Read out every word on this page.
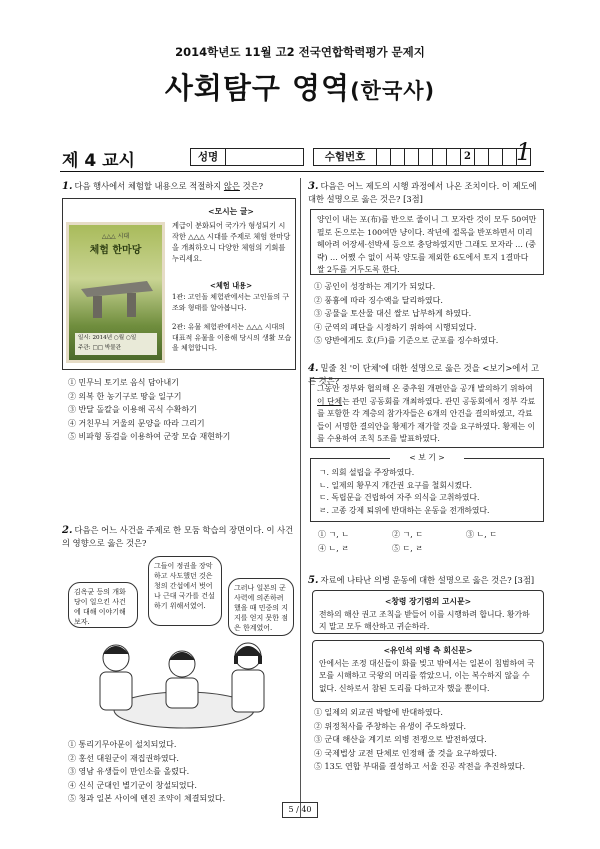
2014학년도 11월 고2 전국연합학력평가 문제지
사회탐구 영역(한국사)
제 4 교시	성명	수험번호	2 1
1. 다음 행사에서 체험할 내용으로 적절하지 않은 것은?
△△△ 시대
체험 한마당
일시: 2014년 ○월 ○일
주관: □□ 박물관
<모시는 글>
계급이 분화되어 국가가 형성되기 시작한 △△△ 시대를 주제로 체험 한마당을 개최하오니 다양한 체험의 기회를 누리세요.
<체험 내용>
1관: 고인돌 체험관에서는 고인돌의 구조와 형태를 알아봅니다.
2관: 유물 체험관에서는 △△△ 시대의 대표적 유물을 이용해 당시의 생활 모습을 체험합니다.
① 민무늬 토기로 음식 담아내기
② 의복 한 농기구로 땅을 일구기
③ 반달 돌칼을 이용해 곡식 수확하기
④ 거친무늬 거울의 문양을 따라 그리기
⑤ 비파형 동검을 이용하여 군장 모습 재현하기
2. 다음은 어느 사건을 주제로 한 모둠 학습의 장면이다. 이 사건의 영향으로 옳은 것은?
그들이 정권을 장악하고 사도했던 것은 청의 간섭에서 벗어나 근대 국가를 건설하기 위해서였어.
김옥균 등의 개화당이 일으킨 사건에 대해 이야기해 보자.
그러나 일본의 군사력에 의존하려 했을 때 민중의 지지를 얻지 못한 점은 한계였어.
① 통리기무아문이 설치되었다.
② 홍선 대원군이 재집권하였다.
③ 영남 유생들이 만인소를 올렸다.
④ 신식 군대인 별기군이 창설되었다.
⑤ 청과 일본 사이에 톈진 조약이 체결되었다.
3. 다음은 어느 제도의 시행 과정에서 나온 조치이다. 이 제도에 대한 설명으로 옳은 것은? [3점]
양인이 내는 포(布)를 반으로 줄이니 그 모자란 것이 모두 50여만 필로 돈으로는 100여만 냥이다. 작년에 절목을 반포하면서 미리 헤아려 어장세·선박세 등으로 충당하였지만 그래도 모자라 … (중략) … 어쨌 수 없이 서북 양도를 제외한 6도에서 토지 1결마다 쌀 2두를 거두도록 한다.
① 공인이 성장하는 계기가 되었다.
② 풍흉에 따라 징수액을 달리하였다.
③ 공물을 토산물 대신 쌀로 납부하게 하였다.
④ 군역의 폐단을 시정하기 위하여 시행되었다.
⑤ 양반에게도 호(戶)를 기준으로 군포를 징수하였다.
4. 밑줄 친 '이 단체'에 대한 설명으로 옳은 것을 <보기>에서 고른 것은?
그동안 정부와 협의해 온 중추원 개편안을 공개 발의하기 위하여 이 단체는 관민 공동회를 개최하였다. 관민 공동회에서 정부 각료를 포함한 각 계층의 참가자들은 6개의 안건을 결의하였고, 각료들이 서명한 결의안을 황제가 재가할 것을 요구하였다. 황제는 이를 수용하여 조칙 5조를 발표하였다.
ㄱ. 의회 설립을 주장하였다.
ㄴ. 일제의 황무지 개간권 요구를 철회시켰다.
ㄷ. 독립문을 건립하여 자주 의식을 고취하였다.
ㄹ. 고종 강제 퇴위에 반대하는 운동을 전개하였다.
< 보 기 >
① ㄱ, ㄴ	② ㄱ, ㄷ	③ ㄴ, ㄷ
④ ㄴ, ㄹ	⑤ ㄷ, ㄹ
5. 자료에 나타난 의병 운동에 대한 설명으로 옳은 것은? [3점]
<창령 장기렴의 고시문>
전하의 해산 권고 조칙을 받들어 이를 시행하려 합니다. 황가하지 말고 모두 해산하고 귀순하라.
<유인석 의병 측 회신문>
안에서는 조정 대신들이 화를 빚고 밖에서는 일본이 침범하여 국모를 시해하고 국왕의 머리를 깎았으니, 이는 복수하지 않을 수 없다. 신하로서 참된 도리를 다하고자 했을 뿐이다.
① 일제의 외교권 박탈에 반대하였다.
② 위정척사를 주창하는 유생이 주도하였다.
③ 군대 해산을 계기로 의병 전쟁으로 발전하였다.
④ 국제법상 교전 단체로 인정해 줄 것을 요구하였다.
⑤ 13도 연합 부대를 결성하고 서울 진공 작전을 추진하였다.
5 / 40
